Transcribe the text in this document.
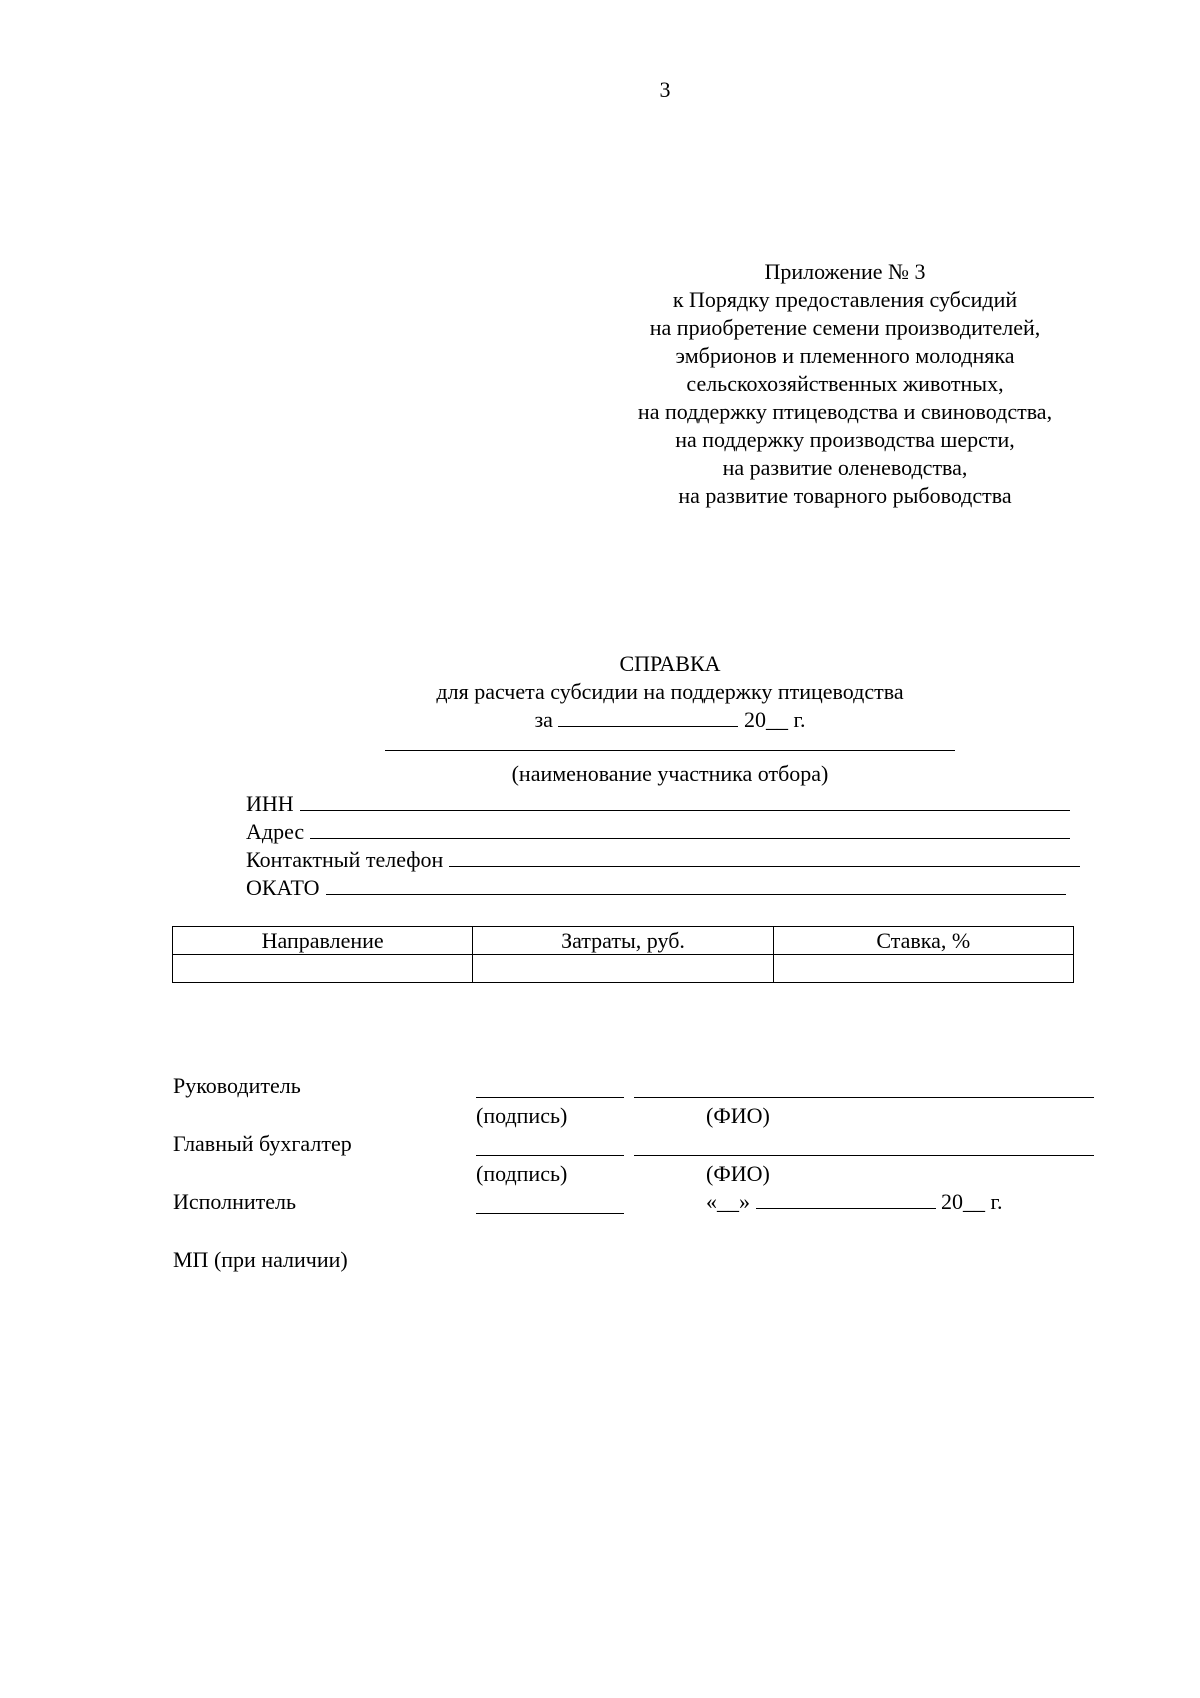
3
Приложение № 3
к Порядку предоставления субсидий
на приобретение семени производителей,
эмбрионов и племенного молодняка
сельскохозяйственных животных,
на поддержку птицеводства и свиноводства,
на поддержку производства шерсти,
на развитие оленеводства,
на развитие товарного рыбоводства
СПРАВКА
для расчета субсидии на поддержку птицеводства
за	20__ г.
(наименование участника отбора)
ИНН
Адрес
Контактный телефон
ОКАТО
Направление	Затраты, руб.	Ставка, %

Руководитель
(подпись)	(ФИО)
Главный бухгалтер
(подпись)	(ФИО)
Исполнитель	«__»	20__ г.
МП (при наличии)
